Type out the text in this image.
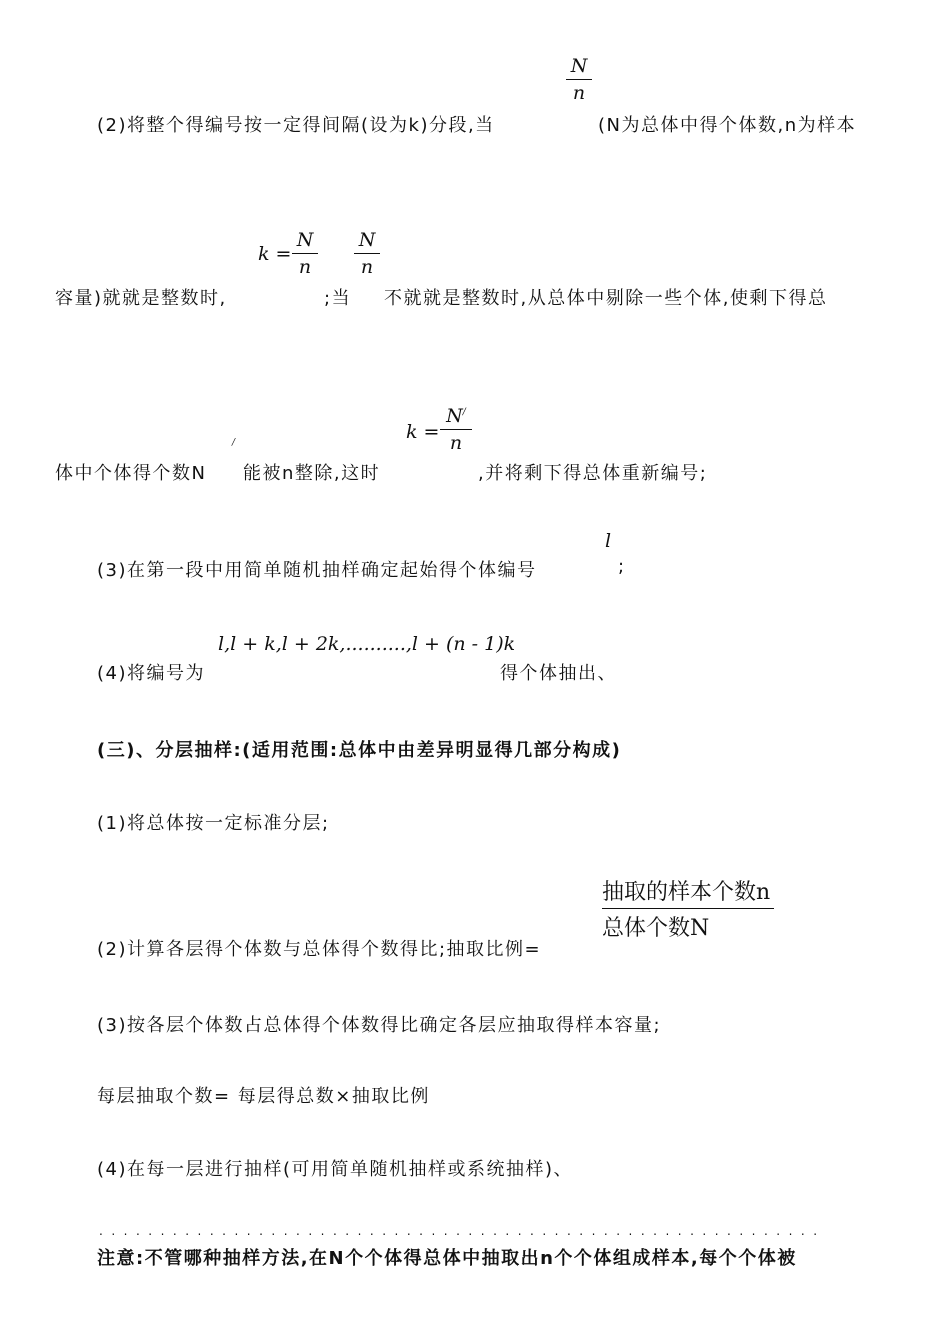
(2)将整个得编号按一定得间隔(设为k)分段,当
$\frac{N}{n}$
(N为总体中得个体数,n为样本
$k = \frac{N}{n} \frac{N}{n}$
容量)就就是整数时,	;当 不就就是整数时,从总体中剔除一些个体,使剩下得总
$k = \frac{N^/}{n}$
体中个体得个数N
/
能被n整除,这时	,并将剩下得总体重新编号;
l
(3)在第一段中用简单随机抽样确定起始得个体编号	;
l,l + k,l + 2k,..........,l + (n - 1)k
(4)将编号为	得个体抽出、
(三)、分层抽样:(适用范围:总体中由差异明显得几部分构成)
(1)将总体按一定标准分层;
抽取的样本个数n
总体个数N
(2)计算各层得个体数与总体得个数得比;抽取比例=
(3)按各层个体数占总体得个体数得比确定各层应抽取得样本容量;
每层抽取个数= 每层得总数×抽取比例
(4)在每一层进行抽样(可用简单随机抽样或系统抽样)、
...........................................................
注意:不管哪种抽样方法,在N个个体得总体中抽取出n个个体组成样本,每个个体被
